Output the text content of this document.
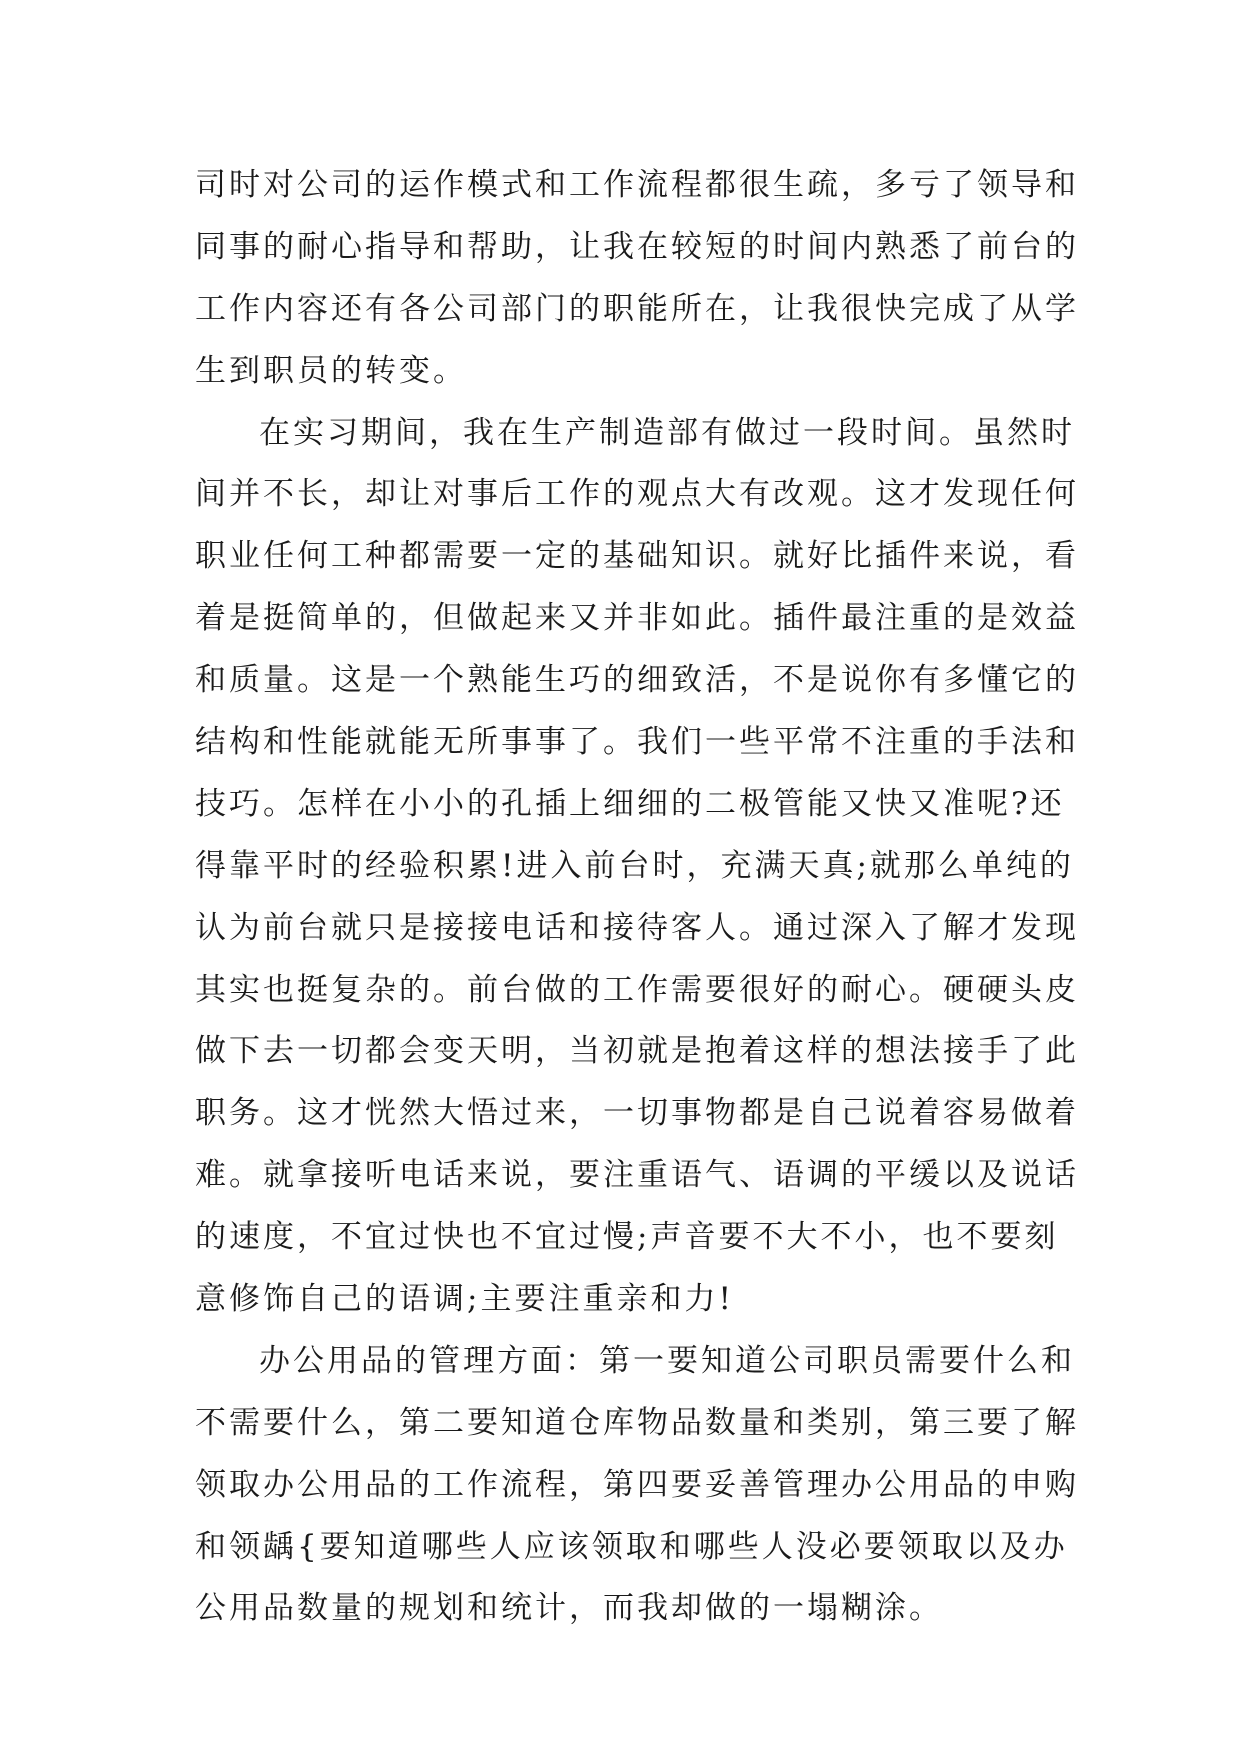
司时对公司的运作模式和工作流程都很生疏，多亏了领导和
同事的耐心指导和帮助，让我在较短的时间内熟悉了前台的
工作内容还有各公司部门的职能所在，让我很快完成了从学
生到职员的转变。
在实习期间，我在生产制造部有做过一段时间。虽然时
间并不长，却让对事后工作的观点大有改观。这才发现任何
职业任何工种都需要一定的基础知识。就好比插件来说，看
着是挺简单的，但做起来又并非如此。插件最注重的是效益
和质量。这是一个熟能生巧的细致活，不是说你有多懂它的
结构和性能就能无所事事了。我们一些平常不注重的手法和
技巧。怎样在小小的孔插上细细的二极管能又快又准呢?还
得靠平时的经验积累!进入前台时，充满天真;就那么单纯的
认为前台就只是接接电话和接待客人。通过深入了解才发现
其实也挺复杂的。前台做的工作需要很好的耐心。硬硬头皮
做下去一切都会变天明，当初就是抱着这样的想法接手了此
职务。这才恍然大悟过来，一切事物都是自己说着容易做着
难。就拿接听电话来说，要注重语气、语调的平缓以及说话
的速度，不宜过快也不宜过慢;声音要不大不小，也不要刻
意修饰自己的语调;主要注重亲和力!
办公用品的管理方面：第一要知道公司职员需要什么和
不需要什么，第二要知道仓库物品数量和类别，第三要了解
领取办公用品的工作流程，第四要妥善管理办公用品的申购
和领龋{要知道哪些人应该领取和哪些人没必要领取以及办
公用品数量的规划和统计，而我却做的一塌糊涂。
